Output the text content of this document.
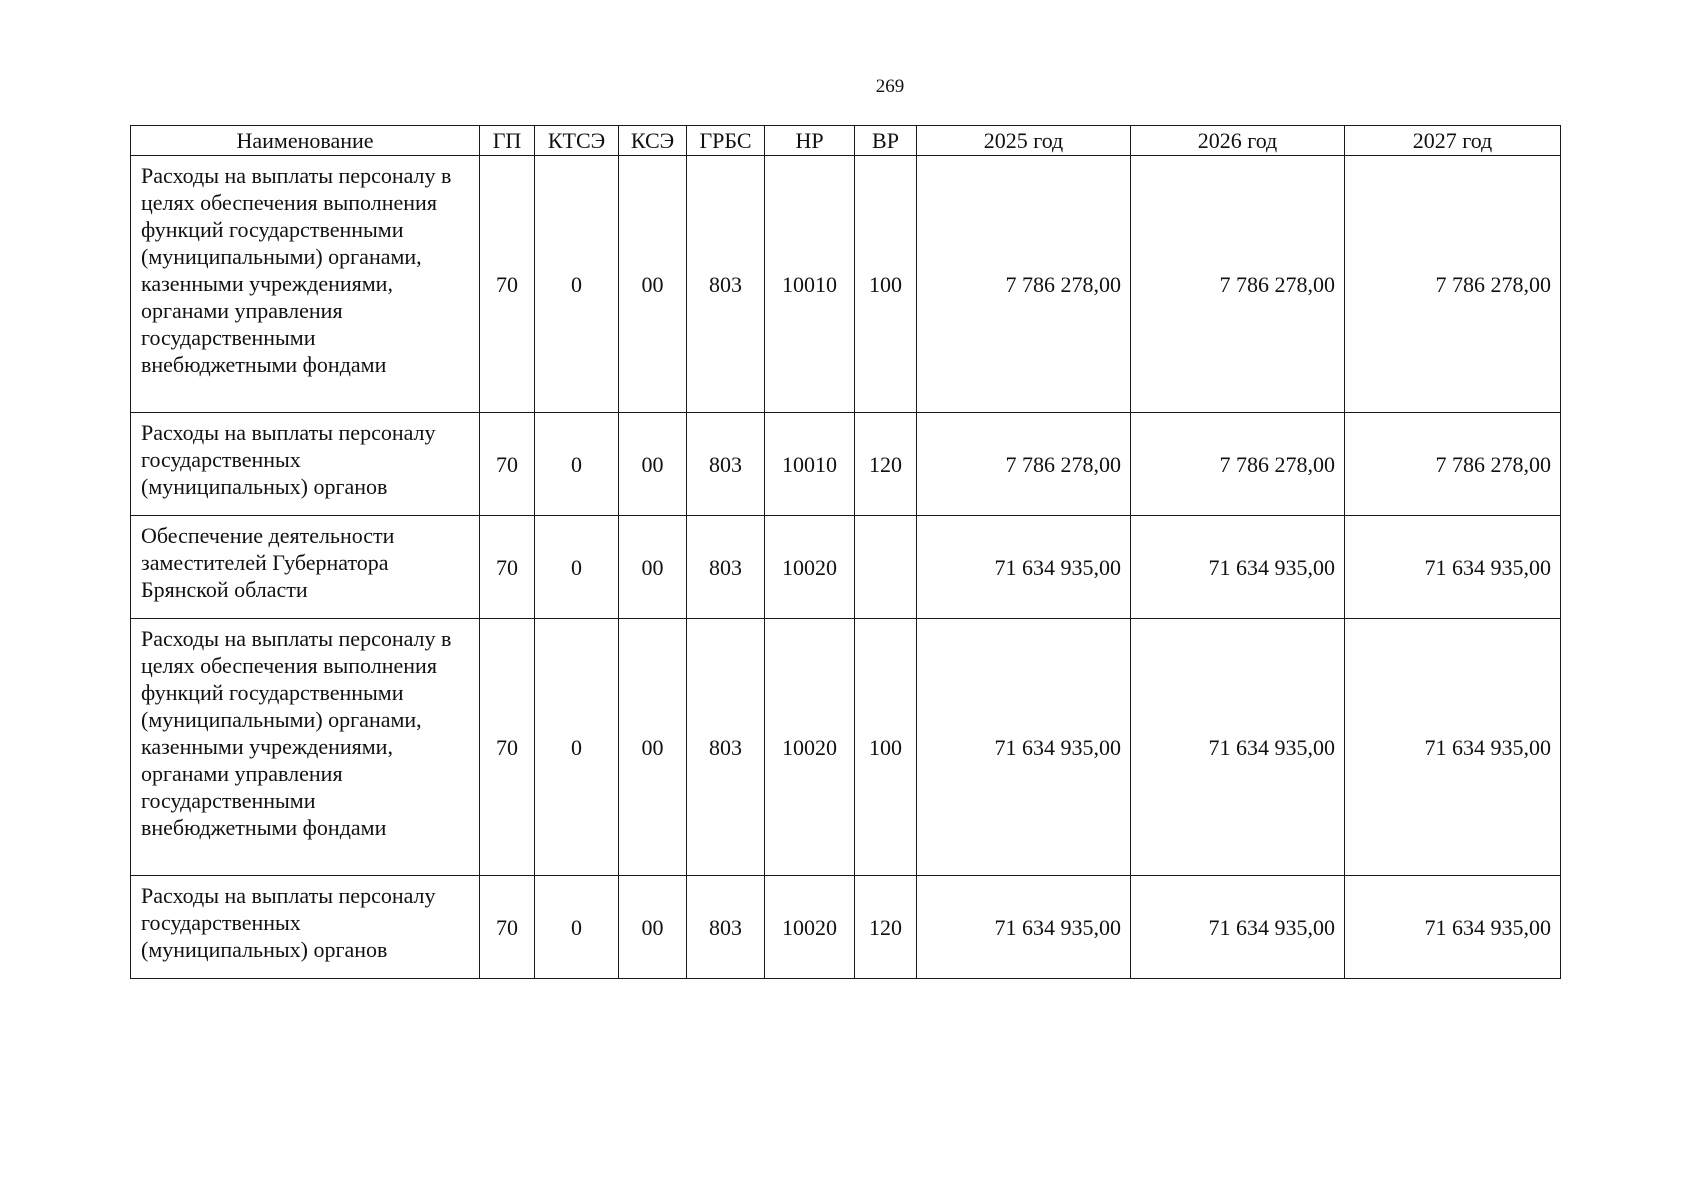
269
Наименование	ГП	КТСЭ	КСЭ	ГРБС	НР	ВР	2025 год	2026 год	2027 год
Расходы на выплаты персоналу в целях обеспечения выполнения функций государственными (муниципальными) органами, казенными учреждениями, органами управления государственными внебюджетными фондами	70	0	00	803	10010	100	7 786 278,00	7 786 278,00	7 786 278,00
Расходы на выплаты персоналу государственных (муниципальных) органов	70	0	00	803	10010	120	7 786 278,00	7 786 278,00	7 786 278,00
Обеспечение деятельности заместителей Губернатора Брянской области	70	0	00	803	10020		71 634 935,00	71 634 935,00	71 634 935,00
Расходы на выплаты персоналу в целях обеспечения выполнения функций государственными (муниципальными) органами, казенными учреждениями, органами управления государственными внебюджетными фондами	70	0	00	803	10020	100	71 634 935,00	71 634 935,00	71 634 935,00
Расходы на выплаты персоналу государственных (муниципальных) органов	70	0	00	803	10020	120	71 634 935,00	71 634 935,00	71 634 935,00
